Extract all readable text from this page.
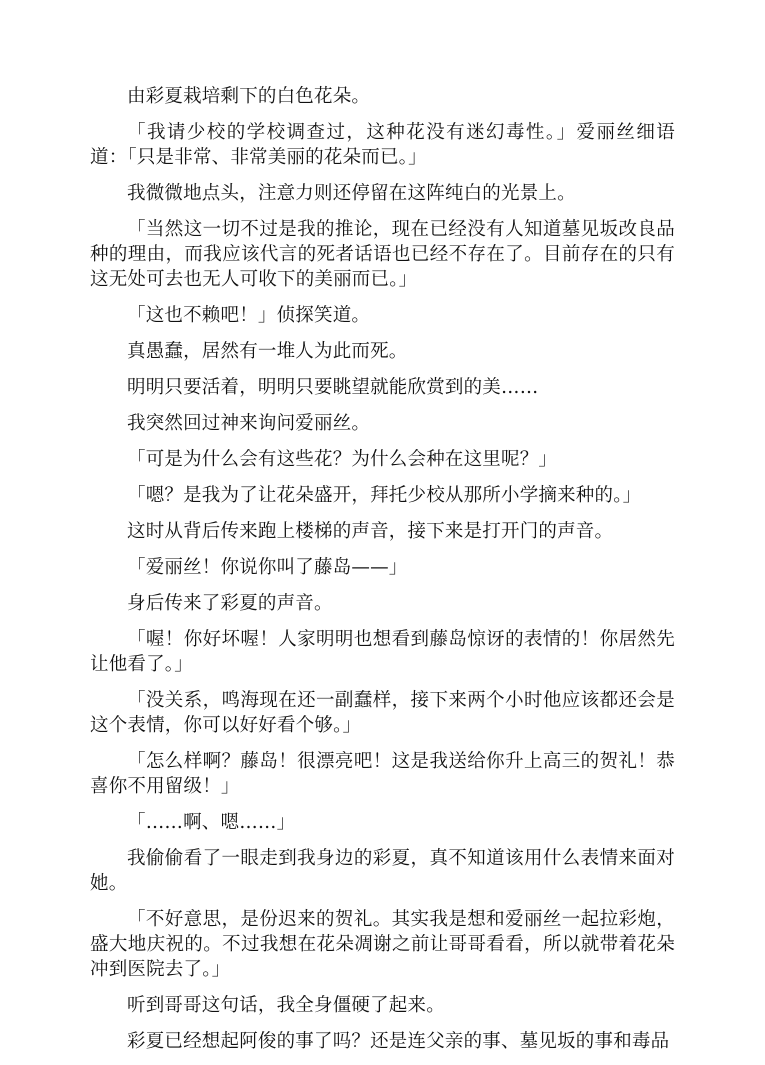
由彩夏栽培剩下的白色花朵。

「我请少校的学校调查过，这种花没有迷幻毒性。」爱丽丝细语道：「只是非常、非常美丽的花朵而已。」

我微微地点头，注意力则还停留在这阵纯白的光景上。

「当然这一切不过是我的推论，现在已经没有人知道墓见坂改良品种的理由，而我应该代言的死者话语也已经不存在了。目前存在的只有这无处可去也无人可收下的美丽而已。」

「这也不赖吧！」侦探笑道。

真愚蠢，居然有一堆人为此而死。

明明只要活着，明明只要眺望就能欣赏到的美……

我突然回过神来询问爱丽丝。

「可是为什么会有这些花？为什么会种在这里呢？」

「嗯？是我为了让花朵盛开，拜托少校从那所小学摘来种的。」

这时从背后传来跑上楼梯的声音，接下来是打开门的声音。

「爱丽丝！你说你叫了藤岛——」

身后传来了彩夏的声音。

「喔！你好坏喔！人家明明也想看到藤岛惊讶的表情的！你居然先让他看了。」

「没关系，鸣海现在还一副蠢样，接下来两个小时他应该都还会是这个表情，你可以好好看个够。」

「怎么样啊？藤岛！很漂亮吧！这是我送给你升上高三的贺礼！恭喜你不用留级！」

「……啊、嗯……」

我偷偷看了一眼走到我身边的彩夏，真不知道该用什么表情来面对她。

「不好意思，是份迟来的贺礼。其实我是想和爱丽丝一起拉彩炮，盛大地庆祝的。不过我想在花朵凋谢之前让哥哥看看，所以就带着花朵冲到医院去了。」

听到哥哥这句话，我全身僵硬了起来。

彩夏已经想起阿俊的事了吗？还是连父亲的事、墓见坂的事和毒品
